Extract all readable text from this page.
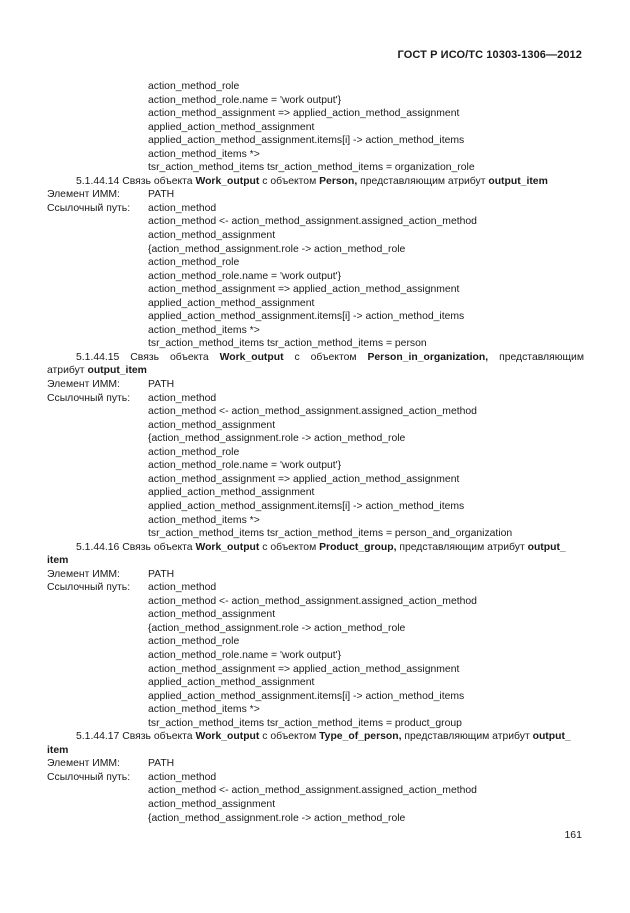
ГОСТ Р ИСО/ТС 10303-1306—2012
action_method_role
action_method_role.name = 'work output'}
action_method_assignment => applied_action_method_assignment
applied_action_method_assignment
applied_action_method_assignment.items[i] -> action_method_items
action_method_items *>
tsr_action_method_items tsr_action_method_items = organization_role
5.1.44.14 Связь объекта Work_output с объектом Person, представляющим атрибут output_item
Элемент ИММ:	PATH
Ссылочный путь: action_method
action_method <- action_method_assignment.assigned_action_method
action_method_assignment
{action_method_assignment.role -> action_method_role
action_method_role
action_method_role.name = 'work output'}
action_method_assignment => applied_action_method_assignment
applied_action_method_assignment
applied_action_method_assignment.items[i] -> action_method_items
action_method_items *>
tsr_action_method_items tsr_action_method_items = person
5.1.44.15 Связь объекта Work_output с объектом Person_in_organization, представляющим
атрибут output_item
Элемент ИММ:	PATH
Ссылочный путь: action_method
action_method <- action_method_assignment.assigned_action_method
action_method_assignment
{action_method_assignment.role -> action_method_role
action_method_role
action_method_role.name = 'work output'}
action_method_assignment => applied_action_method_assignment
applied_action_method_assignment
applied_action_method_assignment.items[i] -> action_method_items
action_method_items *>
tsr_action_method_items tsr_action_method_items = person_and_organization
5.1.44.16 Связь объекта Work_output с объектом Product_group, представляющим атрибут output_
item
Элемент ИММ:	PATH
Ссылочный путь: action_method
action_method <- action_method_assignment.assigned_action_method
action_method_assignment
{action_method_assignment.role -> action_method_role
action_method_role
action_method_role.name = 'work output'}
action_method_assignment => applied_action_method_assignment
applied_action_method_assignment
applied_action_method_assignment.items[i] -> action_method_items
action_method_items *>
tsr_action_method_items tsr_action_method_items = product_group
5.1.44.17 Связь объекта Work_output с объектом Type_of_person, представляющим атрибут output_
item
Элемент ИММ:	PATH
Ссылочный путь: action_method
action_method <- action_method_assignment.assigned_action_method
action_method_assignment
{action_method_assignment.role -> action_method_role
161
